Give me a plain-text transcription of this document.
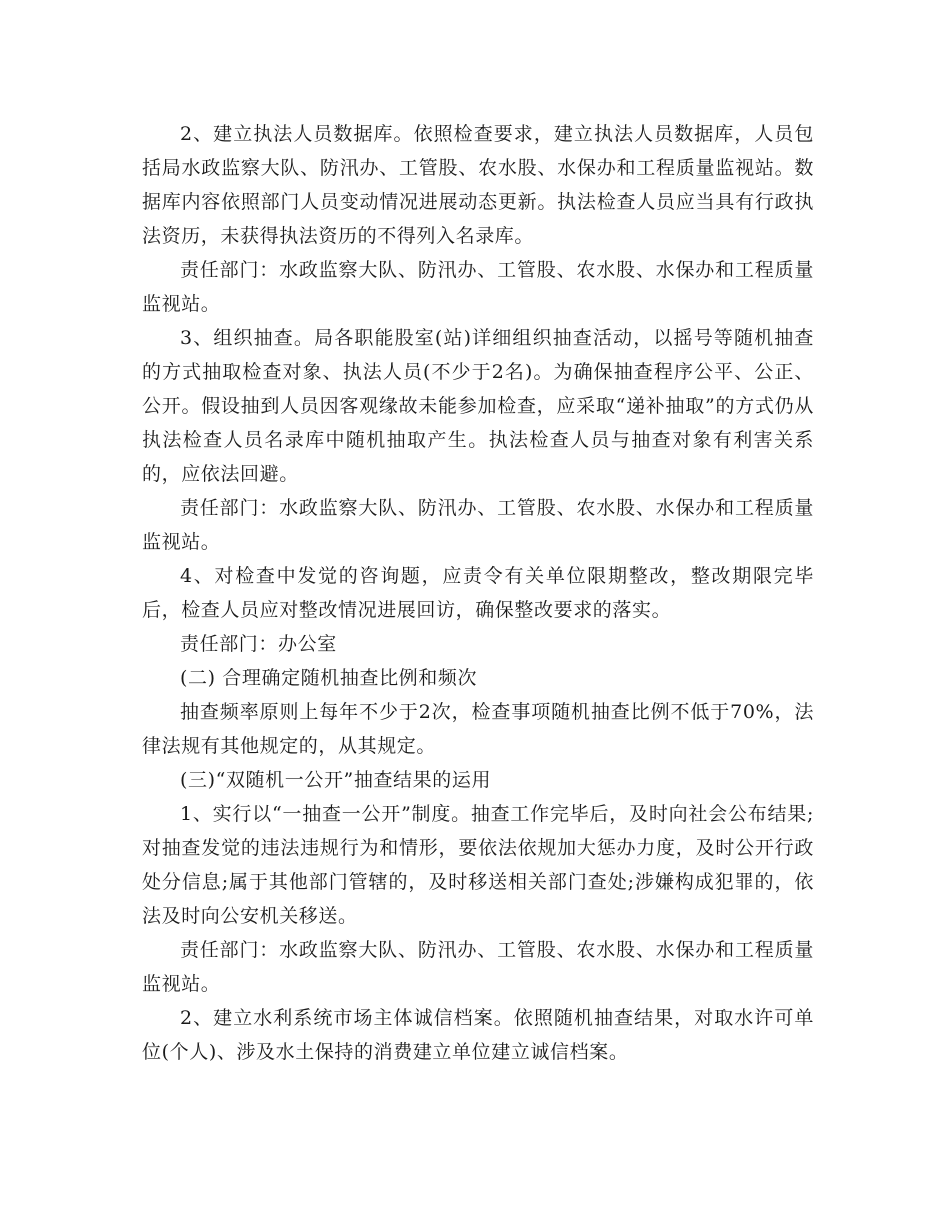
2、建立执法人员数据库。依照检查要求，建立执法人员数据库，人员包括局水政监察大队、防汛办、工管股、农水股、水保办和工程质量监视站。数据库内容依照部门人员变动情况进展动态更新。执法检查人员应当具有行政执法资历，未获得执法资历的不得列入名录库。

责任部门：水政监察大队、防汛办、工管股、农水股、水保办和工程质量监视站。

3、组织抽查。局各职能股室(站)详细组织抽查活动，以摇号等随机抽查的方式抽取检查对象、执法人员(不少于2名)。为确保抽查程序公平、公正、公开。假设抽到人员因客观缘故未能参加检查，应采取“递补抽取”的方式仍从执法检查人员名录库中随机抽取产生。执法检查人员与抽查对象有利害关系的，应依法回避。

责任部门：水政监察大队、防汛办、工管股、农水股、水保办和工程质量监视站。

4、对检查中发觉的咨询题，应责令有关单位限期整改，整改期限完毕后，检查人员应对整改情况进展回访，确保整改要求的落实。

责任部门：办公室

(二) 合理确定随机抽查比例和频次

抽查频率原则上每年不少于2次，检查事项随机抽查比例不低于70%，法律法规有其他规定的，从其规定。

(三)“双随机一公开”抽查结果的运用

1、实行以“一抽查一公开”制度。抽查工作完毕后，及时向社会公布结果;对抽查发觉的违法违规行为和情形，要依法依规加大惩办力度，及时公开行政处分信息;属于其他部门管辖的，及时移送相关部门查处;涉嫌构成犯罪的，依法及时向公安机关移送。

责任部门：水政监察大队、防汛办、工管股、农水股、水保办和工程质量监视站。

2、建立水利系统市场主体诚信档案。依照随机抽查结果，对取水许可单位(个人)、涉及水土保持的消费建立单位建立诚信档案。
